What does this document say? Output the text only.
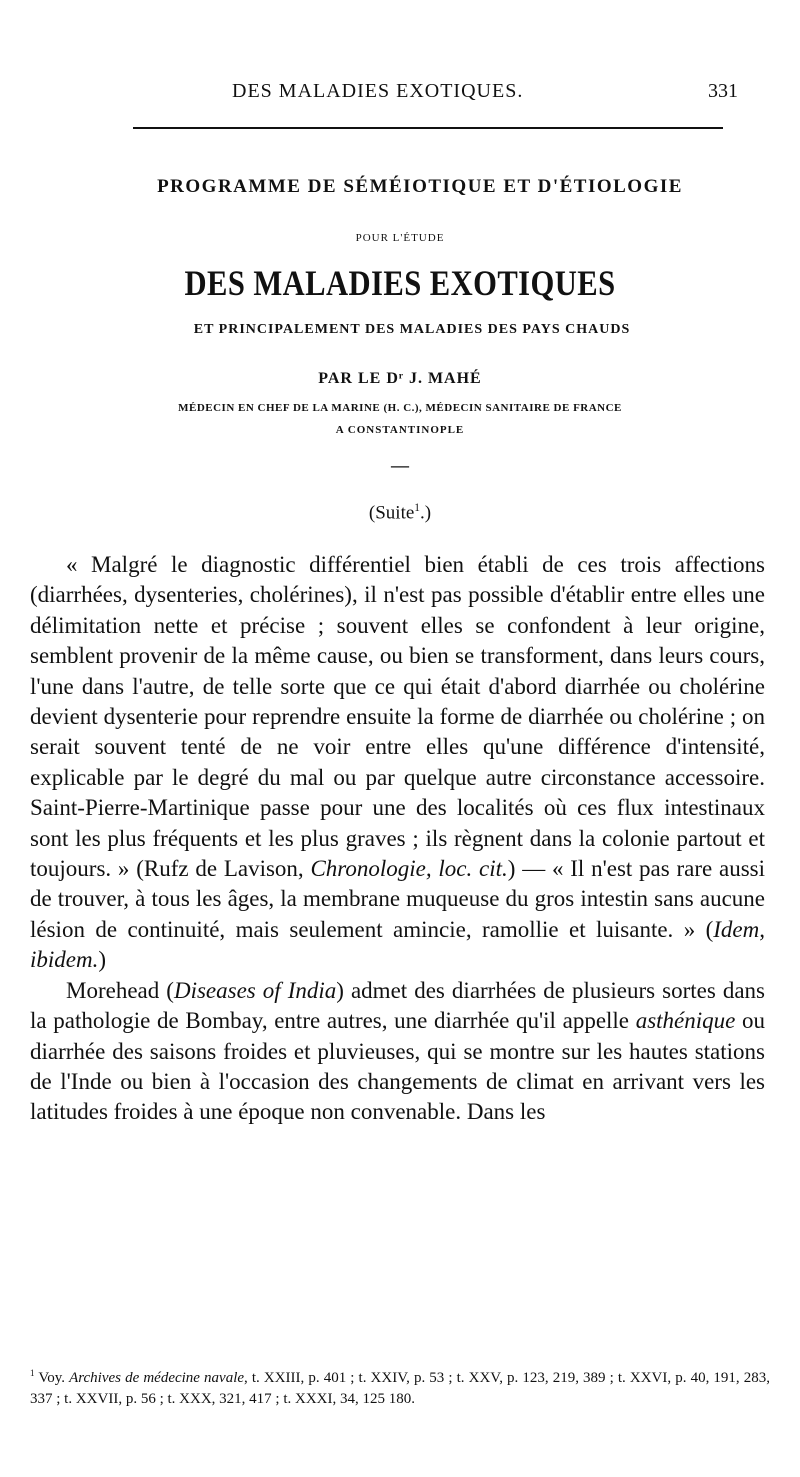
DES MALADIES EXOTIQUES.	331
PROGRAMME DE SÉMÉIOTIQUE ET D'ÉTIOLOGIE
POUR L'ÉTUDE
DES MALADIES EXOTIQUES
ET PRINCIPALEMENT DES MALADIES DES PAYS CHAUDS
PAR LE Dʳ J. MAHÉ
MÉDECIN EN CHEF DE LA MARINE (H. C.), MÉDECIN SANITAIRE DE FRANCE
A CONSTANTINOPLE
—
(Suite$^1$.)

« Malgré le diagnostic différentiel bien établi de ces trois affections (diarrhées, dysenteries, cholérines), il n'est pas possible d'établir entre elles une délimitation nette et précise ; souvent elles se confondent à leur origine, semblent provenir de la même cause, ou bien se transforment, dans leurs cours, l'une dans l'autre, de telle sorte que ce qui était d'abord diarrhée ou cholérine devient dysenterie pour reprendre ensuite la forme de diarrhée ou cholérine ; on serait souvent tenté de ne voir entre elles qu'une différence d'intensité, explicable par le degré du mal ou par quelque autre circonstance accessoire. Saint-Pierre-Martinique passe pour une des localités où ces flux intestinaux sont les plus fréquents et les plus graves ; ils règnent dans la colonie partout et toujours. » (Rufz de Lavison, Chronologie, loc. cit.) — « Il n'est pas rare aussi de trouver, à tous les âges, la membrane muqueuse du gros intestin sans aucune lésion de continuité, mais seulement amincie, ramollie et luisante. » (Idem, ibidem.)

Morehead (Diseases of India) admet des diarrhées de plusieurs sortes dans la pathologie de Bombay, entre autres, une diarrhée qu'il appelle asthénique ou diarrhée des saisons froides et pluvieuses, qui se montre sur les hautes stations de l'Inde ou bien à l'occasion des changements de climat en arrivant vers les latitudes froides à une époque non convenable. Dans les

$^1$ Voy. Archives de médecine navale, t. XXIII, p. 401 ; t. XXIV, p. 53 ; t. XXV, p. 123, 219, 389 ; t. XXVI, p. 40, 191, 283, 337 ; t. XXVII, p. 56 ; t. XXX, 321, 417 ; t. XXXI, 34, 125 180.
